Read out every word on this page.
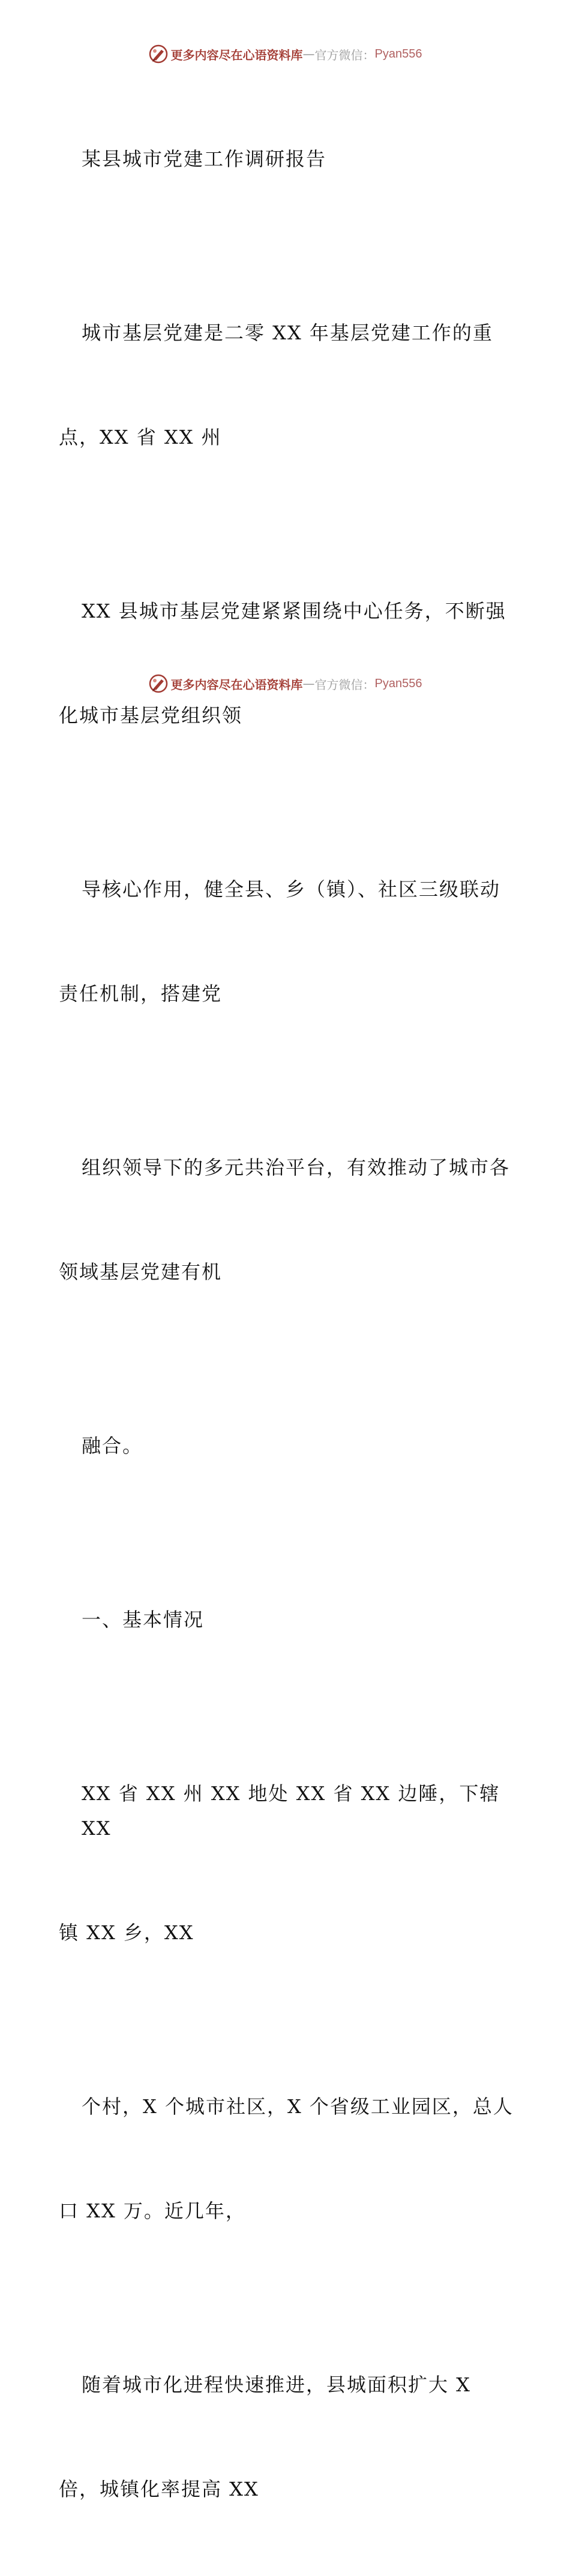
更多内容尽在心语资料库 — 官方微信： Pyan556

某县城市党建工作调研报告

城市基层党建是二零 XX 年基层党建工作的重

点，XX 省 XX 州

XX 县城市基层党建紧紧围绕中心任务，不断强

化城市基层党组织领

导核心作用，健全县、乡（镇）、社区三级联动

责任机制，搭建党

组织领导下的多元共治平台，有效推动了城市各

领域基层党建有机

融合。

一、基本情况

XX 省 XX 州 XX 地处 XX 省 XX 边陲，下辖 XX

镇 XX 乡，XX

个村，X 个城市社区，X 个省级工业园区，总人

口 XX 万。近几年，

随着城市化进程快速推进，县城面积扩大 X

倍，城镇化率提高 XX

更多内容尽在心语资料库 — 官方微信： Pyan556
